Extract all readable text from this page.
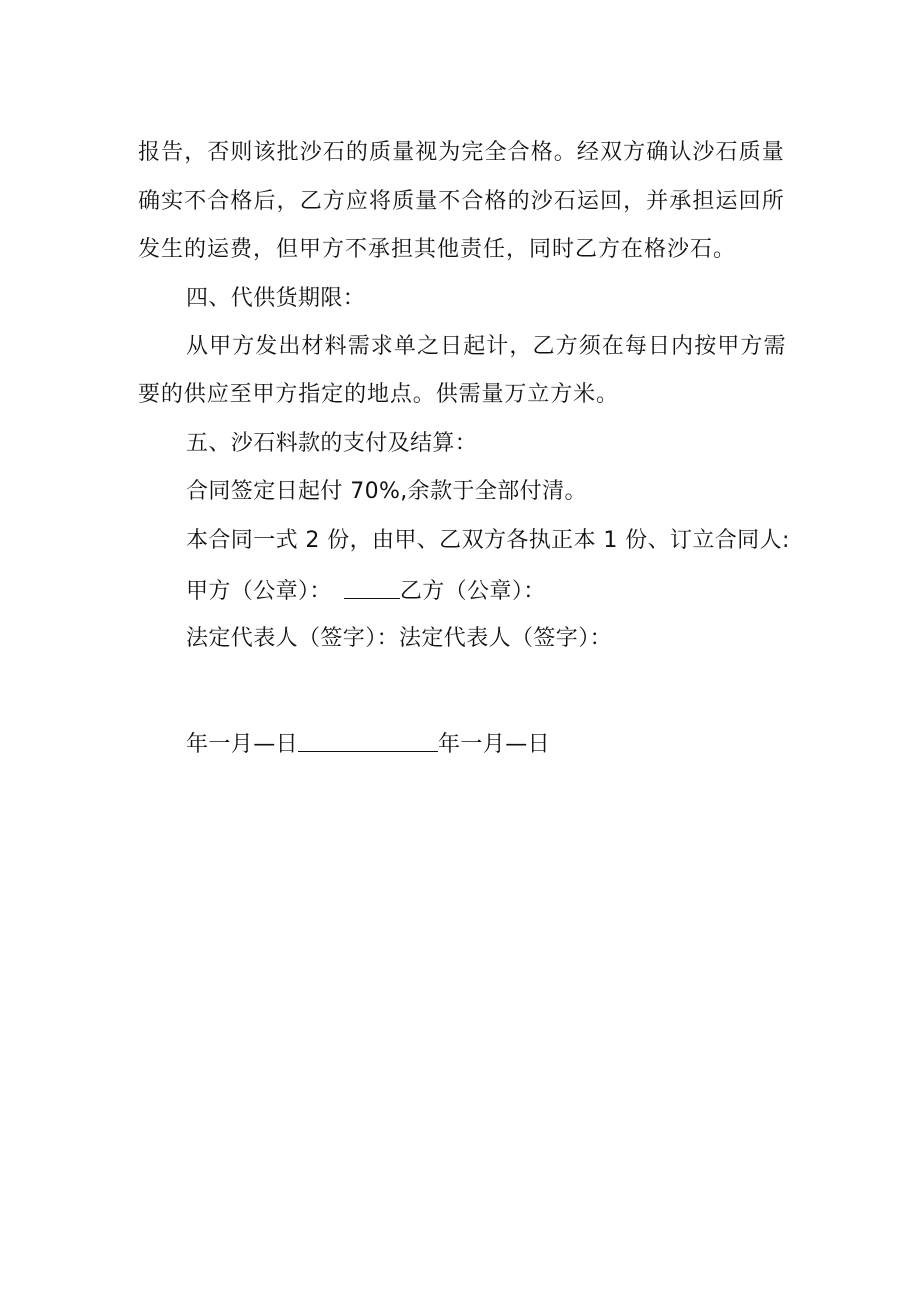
报告，否则该批沙石的质量视为完全合格。经双方确认沙石质量
确实不合格后，乙方应将质量不合格的沙石运回，并承担运回所
发生的运费，但甲方不承担其他责任，同时乙方在格沙石。
四、代供货期限：
从甲方发出材料需求单之日起计，乙方须在每日内按甲方需
要的供应至甲方指定的地点。供需量万立方米。
五、沙石料款的支付及结算：
合同签定日起付 70%,余款于全部付清。
本合同一式 2 份，由甲、乙双方各执正本 1 份、订立合同人:
甲方（公章）：	乙方（公章）：
法定代表人（签字）：法定代表人（签字）：
年一月—日	年一月—日
